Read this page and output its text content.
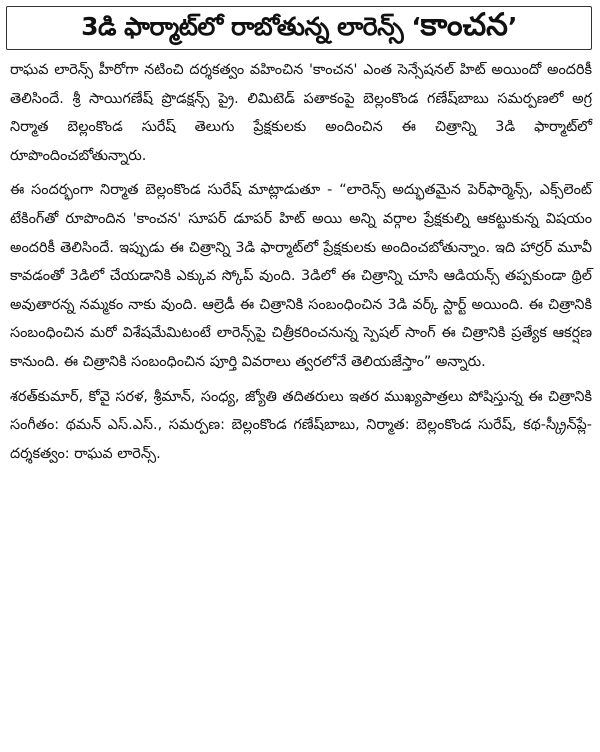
3డి ఫార్మాట్‌లో రాబోతున్న లారెన్స్ ‘కాంచన’

రాఘవ లారెన్స్ హీరోగా నటించి దర్శకత్వం వహించిన 'కాంచన' ఎంత సెన్సేషనల్ హిట్ అయిందో అందరికీ తెలిసిందే. శ్రీ సాయిగణేష్ ప్రొడక్షన్స్ ప్రై. లిమిటెడ్ పతాకంపై బెల్లంకొండ గణేష్‌బాబు సమర్పణలో అగ్ర నిర్మాత బెల్లంకొండ సురేష్ తెలుగు ప్రేక్షకులకు అందించిన ఈ చిత్రాన్ని 3డి ఫార్మాట్‌లో రూపొందించబోతున్నారు.

ఈ సందర్భంగా నిర్మాత బెల్లంకొండ సురేష్ మాట్లాడుతూ - “లారెన్స్ అద్భుతమైన పెర్‌ఫార్మెన్స్, ఎక్స్‌లెంట్ టేకింగ్‌తో రూపొందిన 'కాంచన' సూపర్ డూపర్ హిట్ అయి అన్ని వర్గాల ప్రేక్షకుల్ని ఆకట్టుకున్న విషయం అందరికీ తెలిసిందే. ఇప్పుడు ఈ చిత్రాన్ని 3డి ఫార్మాట్‌లో ప్రేక్షకులకు అందించబోతున్నాం. ఇది హార్రర్ మూవీ కావడంతో 3డిలో చేయడానికి ఎక్కువ స్కోప్ వుంది. 3డిలో ఈ చిత్రాన్ని చూసి ఆడియన్స్ తప్పకుండా థ్రిల్ అవుతారన్న నమ్మకం నాకు వుంది. ఆల్రెడీ ఈ చిత్రానికి సంబంధించిన 3డి వర్క్ స్టార్ట్ అయింది. ఈ చిత్రానికి సంబంధించిన మరో విశేషమేమిటంటే లారెన్స్‌పై చిత్రీకరించనున్న స్పెషల్ సాంగ్ ఈ చిత్రానికి ప్రత్యేక ఆకర్షణ కానుంది. ఈ చిత్రానికి సంబంధించిన పూర్తి వివరాలు త్వరలోనే తెలియజేస్తాం” అన్నారు.

శరత్‌కుమార్, కోవై సరళ, శ్రీమాన్, సంధ్య, జ్యోతి తదితరులు ఇతర ముఖ్యపాత్రలు పోషిస్తున్న ఈ చిత్రానికి సంగీతం: థమన్ ఎస్.ఎస్., సమర్పణ: బెల్లంకొండ గణేష్‌బాబు, నిర్మాత: బెల్లంకొండ సురేష్, కథ-స్క్రీన్‌ప్లే- దర్శకత్వం: రాఘవ లారెన్స్.
